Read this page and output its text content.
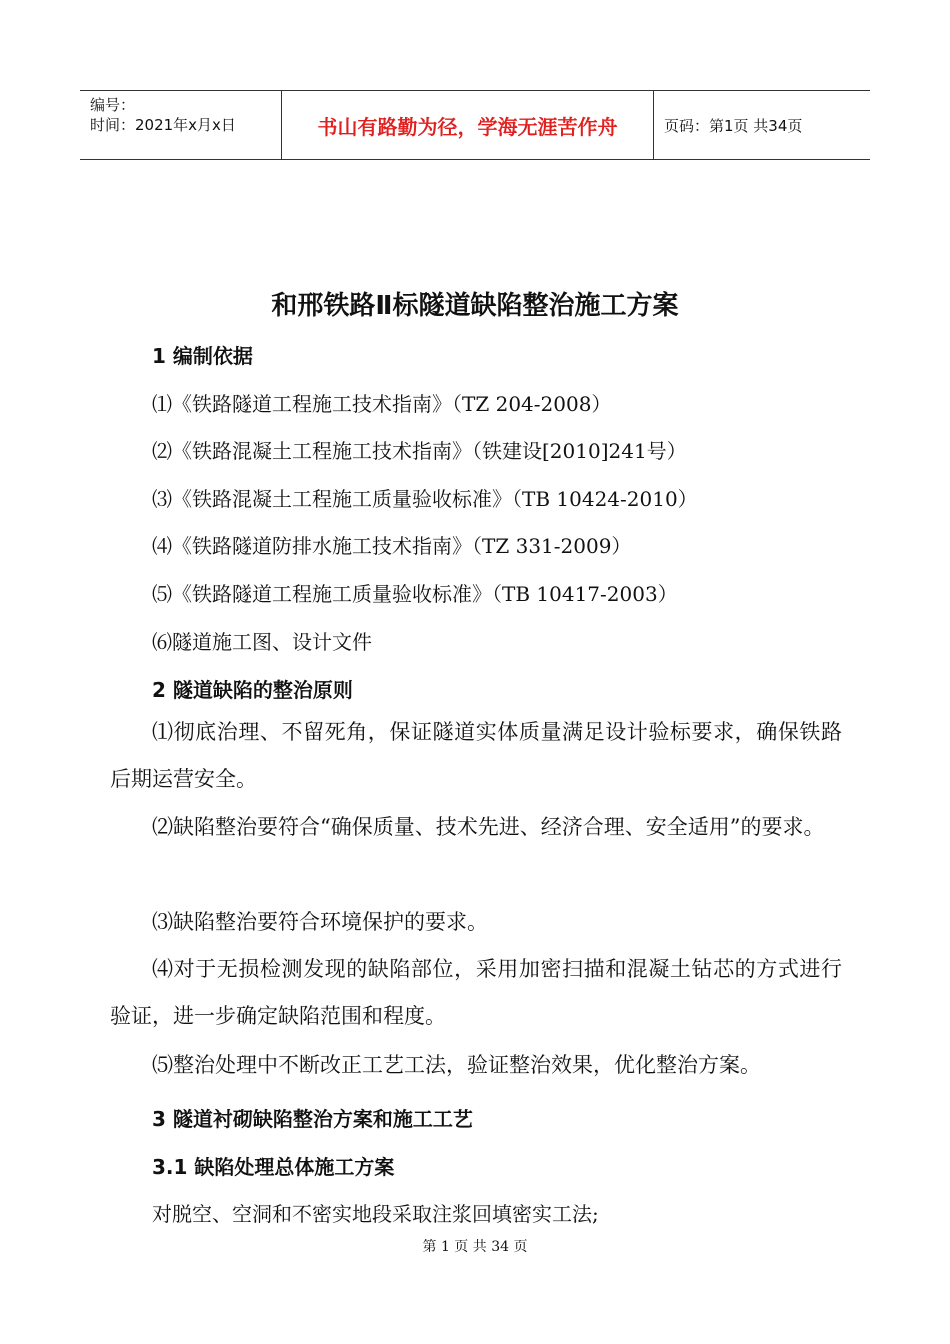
编号：
时间：2021年x月x日	书山有路勤为径，学海无涯苦作舟	页码：第1页 共34页
和邢铁路Ⅱ标隧道缺陷整治施工方案
1 编制依据
⑴《铁路隧道工程施工技术指南》（TZ 204-2008）
⑵《铁路混凝土工程施工技术指南》（铁建设[2010]241号）
⑶《铁路混凝土工程施工质量验收标准》（TB 10424-2010）
⑷《铁路隧道防排水施工技术指南》（TZ 331-2009）
⑸《铁路隧道工程施工质量验收标准》（TB 10417-2003）
⑹隧道施工图、设计文件
2 隧道缺陷的整治原则
⑴彻底治理、不留死角，保证隧道实体质量满足设计验标要求，确保铁路后期运营安全。
⑵缺陷整治要符合“确保质量、技术先进、经济合理、安全适用”的要求。
⑶缺陷整治要符合环境保护的要求。
⑷对于无损检测发现的缺陷部位，采用加密扫描和混凝土钻芯的方式进行验证，进一步确定缺陷范围和程度。
⑸整治处理中不断改正工艺工法，验证整治效果，优化整治方案。
3 隧道衬砌缺陷整治方案和施工工艺
3.1 缺陷处理总体施工方案
对脱空、空洞和不密实地段采取注浆回填密实工法;
第 1 页 共 34 页
